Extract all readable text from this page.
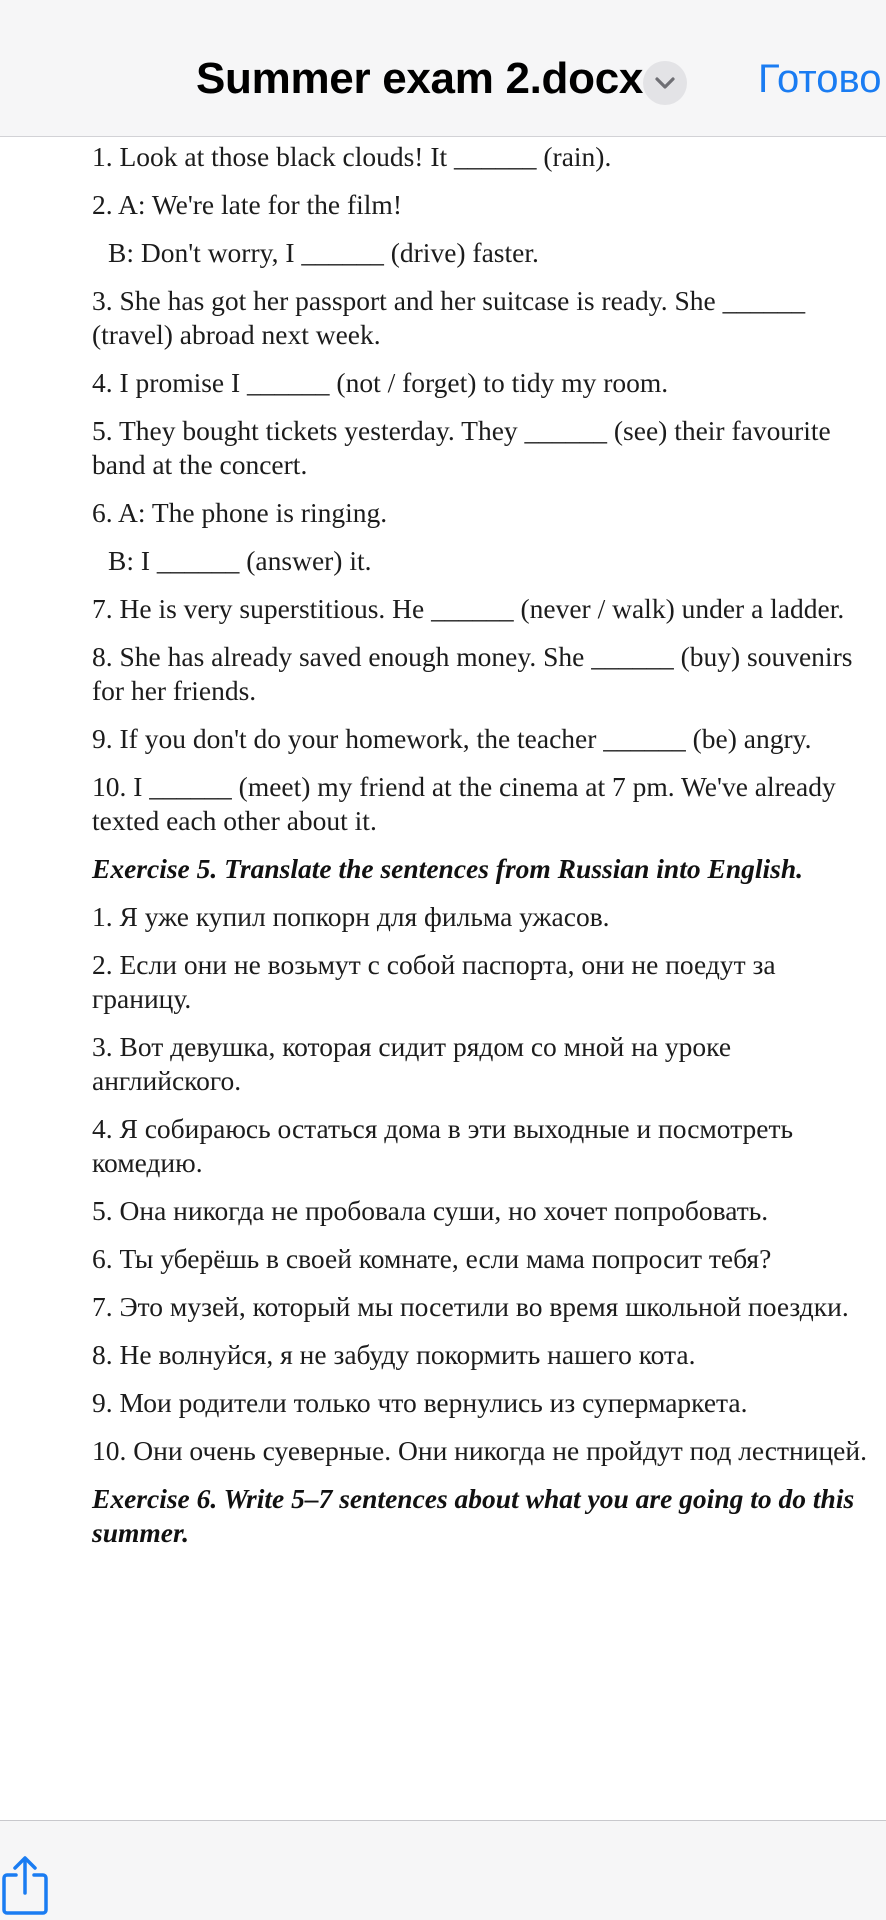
Summer exam 2.docx	Готово

1. Look at those black clouds! It ______ (rain).

2. A: We're late for the film!

B: Don't worry, I ______ (drive) faster.

3. She has got her passport and her suitcase is ready. She ______ (travel) abroad next week.

4. I promise I ______ (not / forget) to tidy my room.

5. They bought tickets yesterday. They ______ (see) their favourite band at the concert.

6. A: The phone is ringing.

B: I ______ (answer) it.

7. He is very superstitious. He ______ (never / walk) under a ladder.

8. She has already saved enough money. She ______ (buy) souvenirs for her friends.

9. If you don't do your homework, the teacher ______ (be) angry.

10. I ______ (meet) my friend at the cinema at 7 pm. We've already texted each other about it.

Exercise 5. Translate the sentences from Russian into English.

1. Я уже купил попкорн для фильма ужасов.

2. Если они не возьмут с собой паспорта, они не поедут за границу.

3. Вот девушка, которая сидит рядом со мной на уроке английского.

4. Я собираюсь остаться дома в эти выходные и посмотреть комедию.

5. Она никогда не пробовала суши, но хочет попробовать.

6. Ты уберёшь в своей комнате, если мама попросит тебя?

7. Это музей, который мы посетили во время школьной поездки.

8. Не волнуйся, я не забуду покормить нашего кота.

9. Мои родители только что вернулись из супермаркета.

10. Они очень суеверные. Они никогда не пройдут под лестницей.

Exercise 6. Write 5–7 sentences about what you are going to do this summer.
